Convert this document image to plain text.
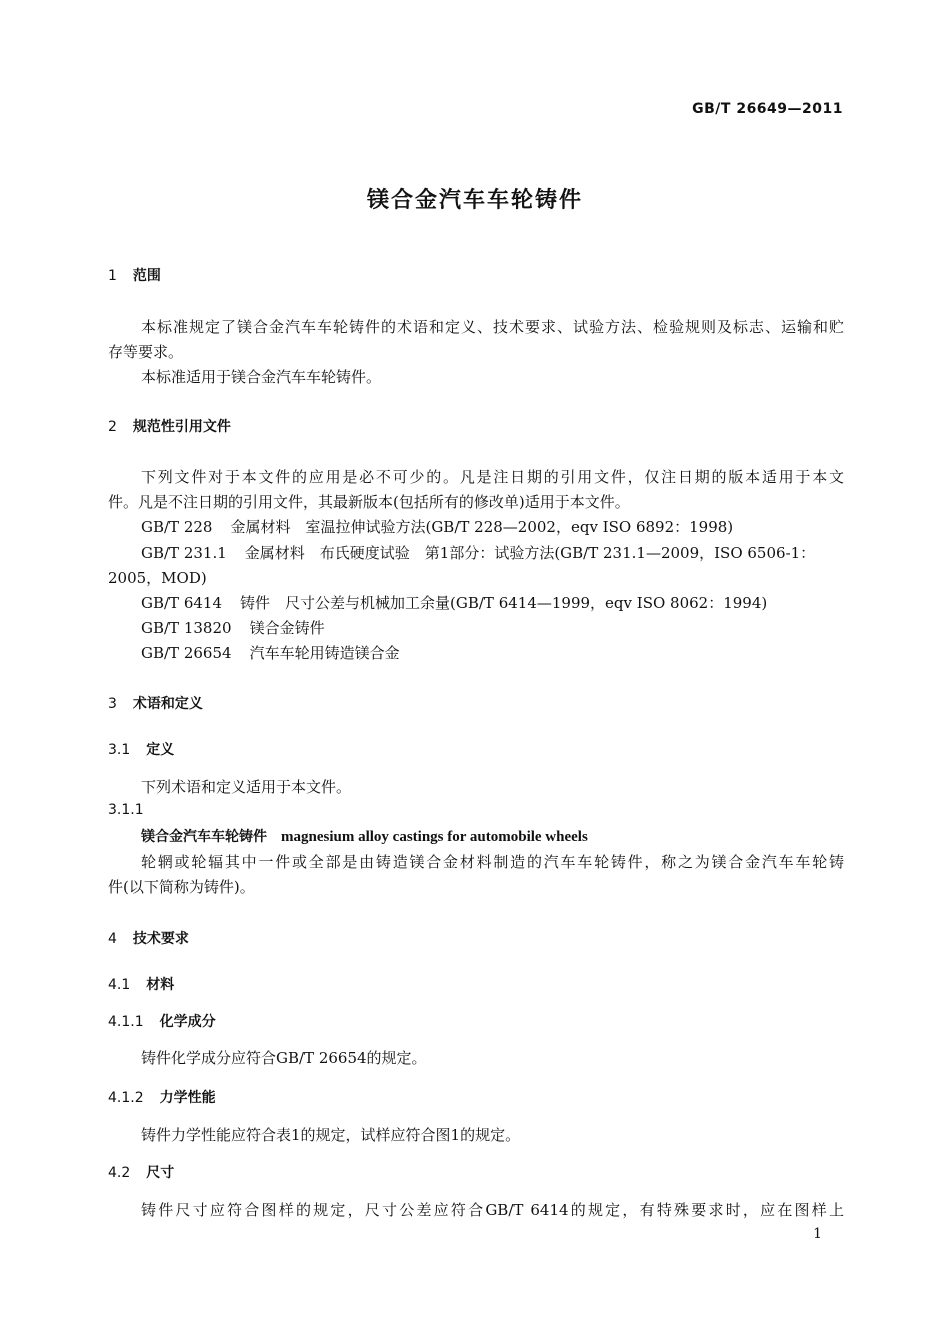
GB/T 26649—2011
镁合金汽车车轮铸件
1 范围
本标准规定了镁合金汽车车轮铸件的术语和定义、技术要求、试验方法、检验规则及标志、运输和贮
存等要求。
本标准适用于镁合金汽车车轮铸件。
2 规范性引用文件
下列文件对于本文件的应用是必不可少的。凡是注日期的引用文件，仅注日期的版本适用于本文
件。凡是不注日期的引用文件，其最新版本(包括所有的修改单)适用于本文件。
GB/T 228 金属材料　室温拉伸试验方法(GB/T 228—2002，eqv ISO 6892：1998)
GB/T 231.1 金属材料　布氏硬度试验　第1部分：试验方法(GB/T 231.1—2009，ISO 6506-1：
2005，MOD)
GB/T 6414 铸件　尺寸公差与机械加工余量(GB/T 6414—1999，eqv ISO 8062：1994)
GB/T 13820 镁合金铸件
GB/T 26654 汽车车轮用铸造镁合金
3 术语和定义
3.1 定义
下列术语和定义适用于本文件。
3.1.1
镁合金汽车车轮铸件 magnesium alloy castings for automobile wheels
轮辋或轮辐其中一件或全部是由铸造镁合金材料制造的汽车车轮铸件，称之为镁合金汽车车轮铸
件(以下简称为铸件)。
4 技术要求
4.1 材料
4.1.1 化学成分
铸件化学成分应符合GB/T 26654的规定。
4.1.2 力学性能
铸件力学性能应符合表1的规定，试样应符合图1的规定。
4.2 尺寸
铸件尺寸应符合图样的规定，尺寸公差应符合GB/T 6414的规定，有特殊要求时，应在图样上
1
